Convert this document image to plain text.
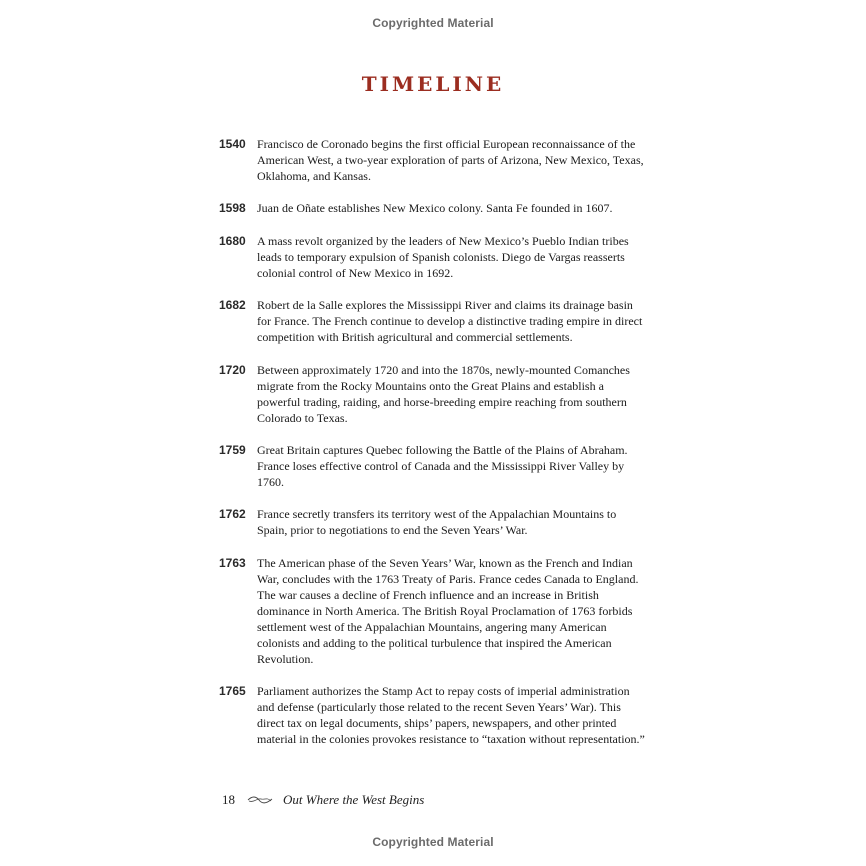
Copyrighted Material
TIMELINE
1540 Francisco de Coronado begins the first official European reconnaissance of the
American West, a two-year exploration of parts of Arizona, New Mexico, Texas,
Oklahoma, and Kansas.
1598 Juan de Oñate establishes New Mexico colony. Santa Fe founded in 1607.
1680 A mass revolt organized by the leaders of New Mexico’s Pueblo Indian tribes
leads to temporary expulsion of Spanish colonists. Diego de Vargas reasserts
colonial control of New Mexico in 1692.
1682 Robert de la Salle explores the Mississippi River and claims its drainage basin
for France. The French continue to develop a distinctive trading empire in direct
competition with British agricultural and commercial settlements.
1720 Between approximately 1720 and into the 1870s, newly-mounted Comanches
migrate from the Rocky Mountains onto the Great Plains and establish a
powerful trading, raiding, and horse-breeding empire reaching from southern
Colorado to Texas.
1759 Great Britain captures Quebec following the Battle of the Plains of Abraham.
France loses effective control of Canada and the Mississippi River Valley by
1760.
1762 France secretly transfers its territory west of the Appalachian Mountains to
Spain, prior to negotiations to end the Seven Years’ War.
1763 The American phase of the Seven Years’ War, known as the French and Indian
War, concludes with the 1763 Treaty of Paris. France cedes Canada to England.
The war causes a decline of French influence and an increase in British
dominance in North America. The British Royal Proclamation of 1763 forbids
settlement west of the Appalachian Mountains, angering many American
colonists and adding to the political turbulence that inspired the American
Revolution.
1765 Parliament authorizes the Stamp Act to repay costs of imperial administration
and defense (particularly those related to the recent Seven Years’ War). This
direct tax on legal documents, ships’ papers, newspapers, and other printed
material in the colonies provokes resistance to “taxation without representation.”
18	Out Where the West Begins
Copyrighted Material
